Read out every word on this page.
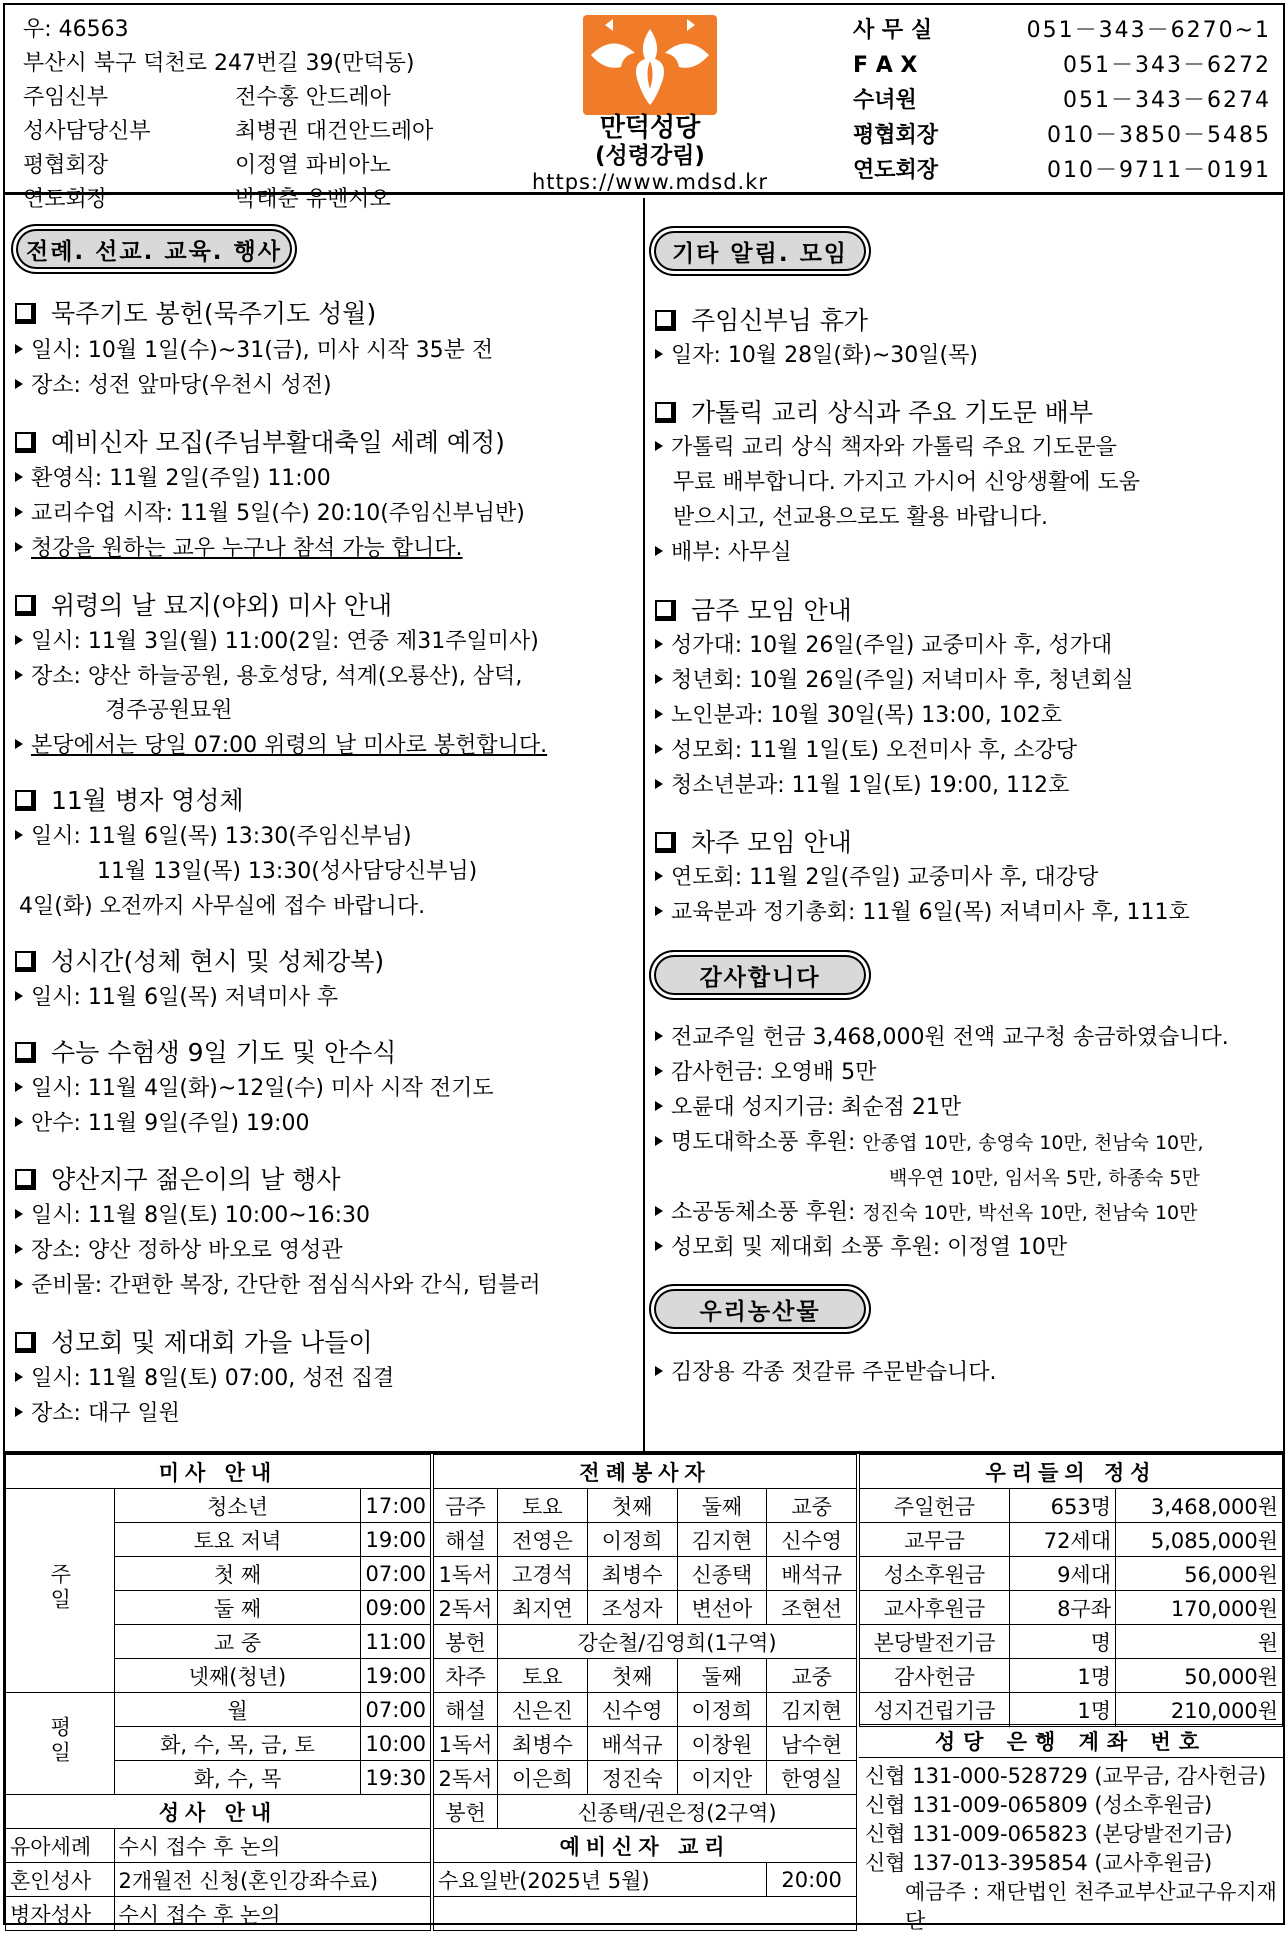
우: 46563
부산시 북구 덕천로 247번길 39(만덕동)
주임신부	전수홍 안드레아
성사담당신부	최병권 대건안드레아
평협회장	이정열 파비아노
연도회장	박태춘 유벤시오
만덕성당
(성령강림)
https://www.mdsd.kr
사 무 실	051－343－6270~1
F A X	051－343－6272
수녀원	051－343－6274
평협회장	010－3850－5485
연도회장	010－9711－0191
전례. 선교. 교육. 행사
묵주기도 봉헌(묵주기도 성월)
일시: 10월 1일(수)~31(금), 미사 시작 35분 전
장소: 성전 앞마당(우천시 성전)
예비신자 모집(주님부활대축일 세례 예정)
환영식: 11월 2일(주일) 11:00
교리수업 시작: 11월 5일(수) 20:10(주임신부님반)
청강을 원하는 교우 누구나 참석 가능 합니다.
위령의 날 묘지(야외) 미사 안내
일시: 11월 3일(월) 11:00(2일: 연중 제31주일미사)
장소: 양산 하늘공원, 용호성당, 석계(오룡산), 삼덕,
경주공원묘원
본당에서는 당일 07:00 위령의 날 미사로 봉헌합니다.
11월 병자 영성체
일시: 11월 6일(목) 13:30(주임신부님)
11월 13일(목) 13:30(성사담당신부님)
4일(화) 오전까지 사무실에 접수 바랍니다.
성시간(성체 현시 및 성체강복)
일시: 11월 6일(목) 저녁미사 후
수능 수험생 9일 기도 및 안수식
일시: 11월 4일(화)~12일(수) 미사 시작 전기도
안수: 11월 9일(주일) 19:00
양산지구 젊은이의 날 행사
일시: 11월 8일(토) 10:00~16:30
장소: 양산 정하상 바오로 영성관
준비물: 간편한 복장, 간단한 점심식사와 간식, 텀블러
성모회 및 제대회 가을 나들이
일시: 11월 8일(토) 07:00, 성전 집결
장소: 대구 일원
기타 알림. 모임
주임신부님 휴가
일자: 10월 28일(화)~30일(목)
가톨릭 교리 상식과 주요 기도문 배부
가톨릭 교리 상식 책자와 가톨릭 주요 기도문을
무료 배부합니다. 가지고 가시어 신앙생활에 도움
받으시고, 선교용으로도 활용 바랍니다.
배부: 사무실
금주 모임 안내
성가대: 10월 26일(주일) 교중미사 후, 성가대
청년회: 10월 26일(주일) 저녁미사 후, 청년회실
노인분과: 10월 30일(목) 13:00, 102호
성모회: 11월 1일(토) 오전미사 후, 소강당
청소년분과: 11월 1일(토) 19:00, 112호
차주 모임 안내
연도회: 11월 2일(주일) 교중미사 후, 대강당
교육분과 정기총회: 11월 6일(목) 저녁미사 후, 111호
감사합니다
전교주일 헌금 3,468,000원 전액 교구청 송금하였습니다.
감사헌금: 오영배 5만
오륜대 성지기금: 최순점 21만
명도대학소풍 후원: 안종엽 10만, 송영숙 10만, 천남숙 10만,
백우연 10만, 임서옥 5만, 하종숙 5만
소공동체소풍 후원: 정진숙 10만, 박선옥 10만, 천남숙 10만
성모회 및 제대회 소풍 후원: 이정열 10만
우리농산물
김장용 각종 젓갈류 주문받습니다.
미사 안내		
주일	청소년	17:00
	토요 저녁	19:00
	첫 째	07:00
	둘 째	09:00
	교 중	11:00
	넷째(청년)	19:00
평일	월	07:00
	화, 수, 목, 금, 토	10:00
	화, 수, 목	19:30
성사 안내		
유아세례	수시 접수 후 논의	
혼인성사	2개월전 신청(혼인강좌수료)	
병자성사	수시 접수 후 논의	
전례봉사자				
금주	토요	첫째	둘째	교중
해설	전영은	이정희	김지현	신수영
1독서	고경석	최병수	신종택	배석규
2독서	최지연	조성자	변선아	조현선
봉헌	강순철/김영희(1구역)			
차주	토요	첫째	둘째	교중
해설	신은진	신수영	이정희	김지현
1독서	최병수	배석규	이창원	남수현
2독서	이은희	정진숙	이지안	한영실
봉헌	신종택/권은정(2구역)			
예비신자 교리				
수요일반(2025년 5월)				20:00

우리들의 정성		
주일헌금	653명	3,468,000원
교무금	72세대	5,085,000원
성소후원금	9세대	56,000원
교사후원금	8구좌	170,000원
본당발전기금	명	원
감사헌금	1명	50,000원
성지건립기금	1명	210,000원
성당 은행 계좌 번호
신협 131-000-528729 (교무금, 감사헌금)
신협 131-009-065809 (성소후원금)
신협 131-009-065823 (본당발전기금)
신협 137-013-395854 (교사후원금)
예금주 : 재단법인 천주교부산교구유지재단
